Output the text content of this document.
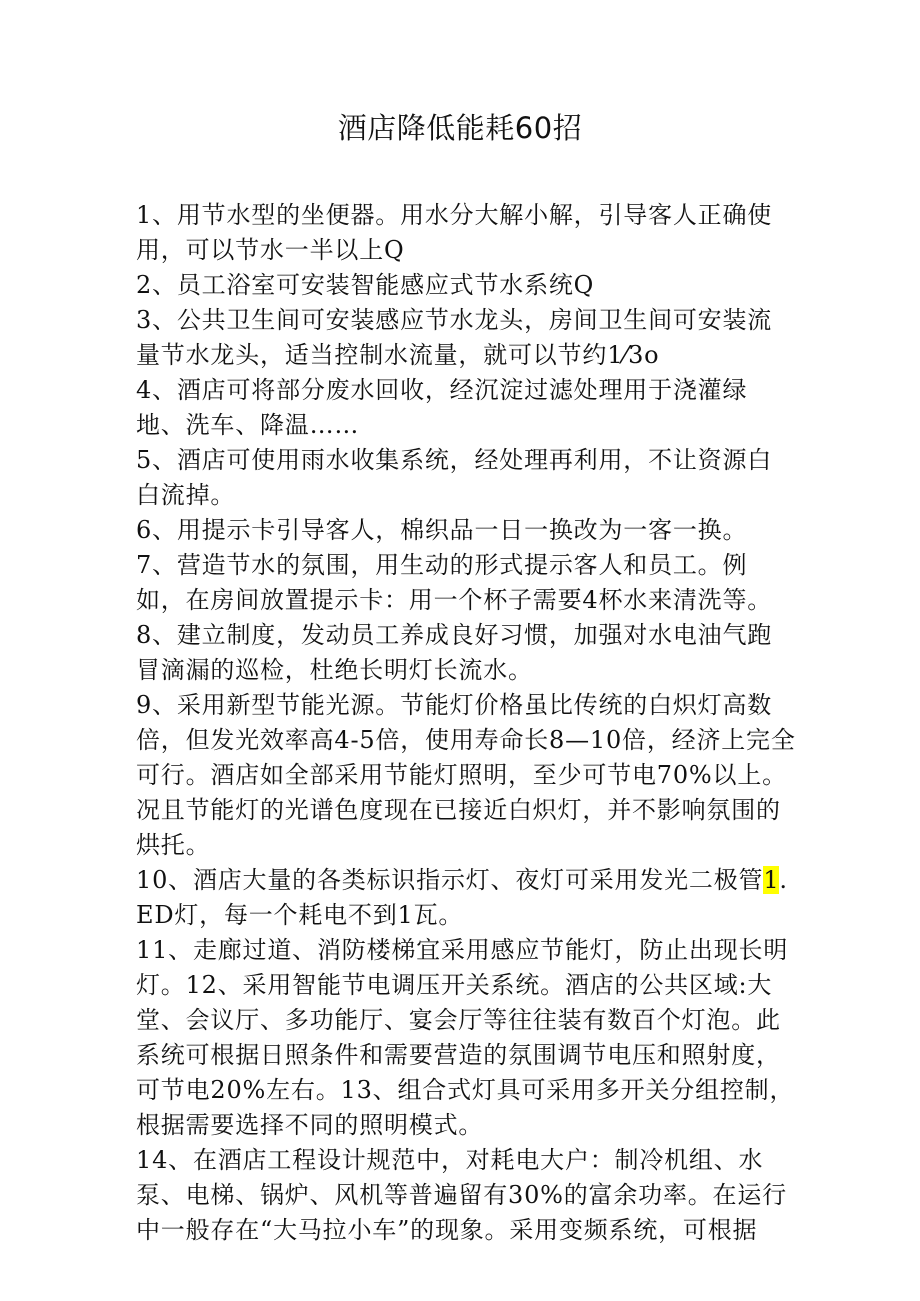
酒店降低能耗60招

1、用节水型的坐便器。用水分大解小解，引导客人正确使用，可以节水一半以上Q

2、员工浴室可安装智能感应式节水系统Q

3、公共卫生间可安装感应节水龙头，房间卫生间可安装流量节水龙头，适当控制水流量，就可以节约1⁄3o

4、酒店可将部分废水回收，经沉淀过滤处理用于浇灌绿地、洗车、降温……

5、酒店可使用雨水收集系统，经处理再利用，不让资源白白流掉。

6、用提示卡引导客人，棉织品一日一换改为一客一换。

7、营造节水的氛围，用生动的形式提示客人和员工。例如，在房间放置提示卡：用一个杯子需要4杯水来清洗等。

8、建立制度，发动员工养成良好习惯，加强对水电油气跑冒滴漏的巡检，杜绝长明灯长流水。

9、采用新型节能光源。节能灯价格虽比传统的白炽灯高数倍，但发光效率高4-5倍，使用寿命长8—10倍，经济上完全可行。酒店如全部采用节能灯照明，至少可节电70%以上。况且节能灯的光谱色度现在已接近白炽灯，并不影响氛围的烘托。

10、酒店大量的各类标识指示灯、夜灯可采用发光二极管1.ED灯，每一个耗电不到1瓦。

11、走廊过道、消防楼梯宜采用感应节能灯，防止出现长明灯。12、采用智能节电调压开关系统。酒店的公共区域:大堂、会议厅、多功能厅、宴会厅等往往装有数百个灯泡。此系统可根据日照条件和需要营造的氛围调节电压和照射度，可节电20%左右。13、组合式灯具可采用多开关分组控制，根据需要选择不同的照明模式。

14、在酒店工程设计规范中，对耗电大户：制冷机组、水泵、电梯、锅炉、风机等普遍留有30%的富余功率。在运行中一般存在“大马拉小车”的现象。采用变频系统，可根据
